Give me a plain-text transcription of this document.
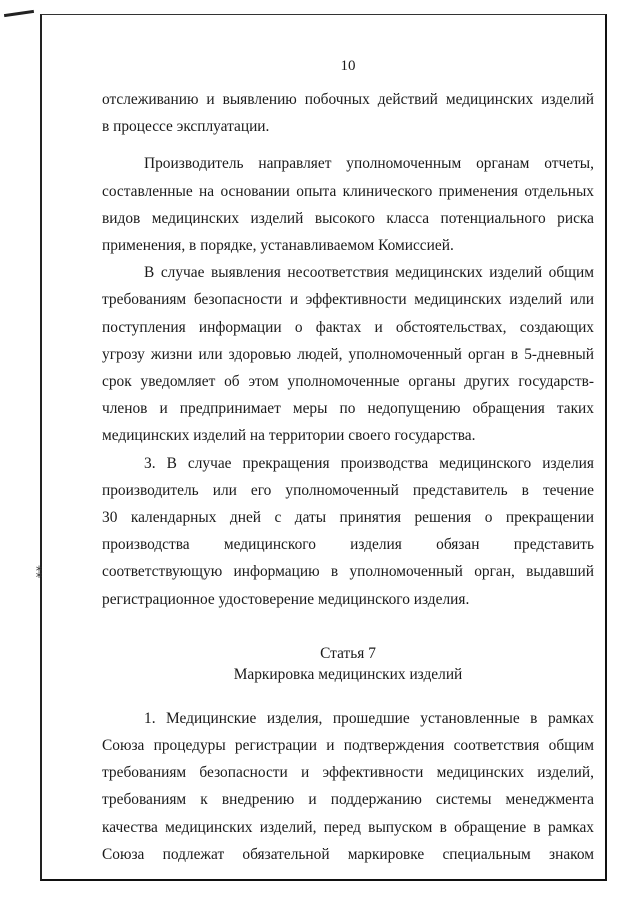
⁑
10

отслеживанию и выявлению побочных действий медицинских изделий
в процессе эксплуатации.

Производитель направляет уполномоченным органам отчеты,
составленные на основании опыта клинического применения отдельных
видов медицинских изделий высокого класса потенциального риска
применения, в порядке, устанавливаемом Комиссией.

В случае выявления несоответствия медицинских изделий общим
требованиям безопасности и эффективности медицинских изделий или
поступления информации о фактах и обстоятельствах, создающих
угрозу жизни или здоровью людей, уполномоченный орган в 5-дневный
срок уведомляет об этом уполномоченные органы других государств-
членов и предпринимает меры по недопущению обращения таких
медицинских изделий на территории своего государства.

3. В случае прекращения производства медицинского изделия
производитель или его уполномоченный представитель в течение
30 календарных дней с даты принятия решения о прекращении
производства медицинского изделия обязан представить
соответствующую информацию в уполномоченный орган, выдавший
регистрационное удостоверение медицинского изделия.

Статья 7
Маркировка медицинских изделий

1. Медицинские изделия, прошедшие установленные в рамках
Союза процедуры регистрации и подтверждения соответствия общим
требованиям безопасности и эффективности медицинских изделий,
требованиям к внедрению и поддержанию системы менеджмента
качества медицинских изделий, перед выпуском в обращение в рамках
Союза подлежат обязательной маркировке специальным знаком
